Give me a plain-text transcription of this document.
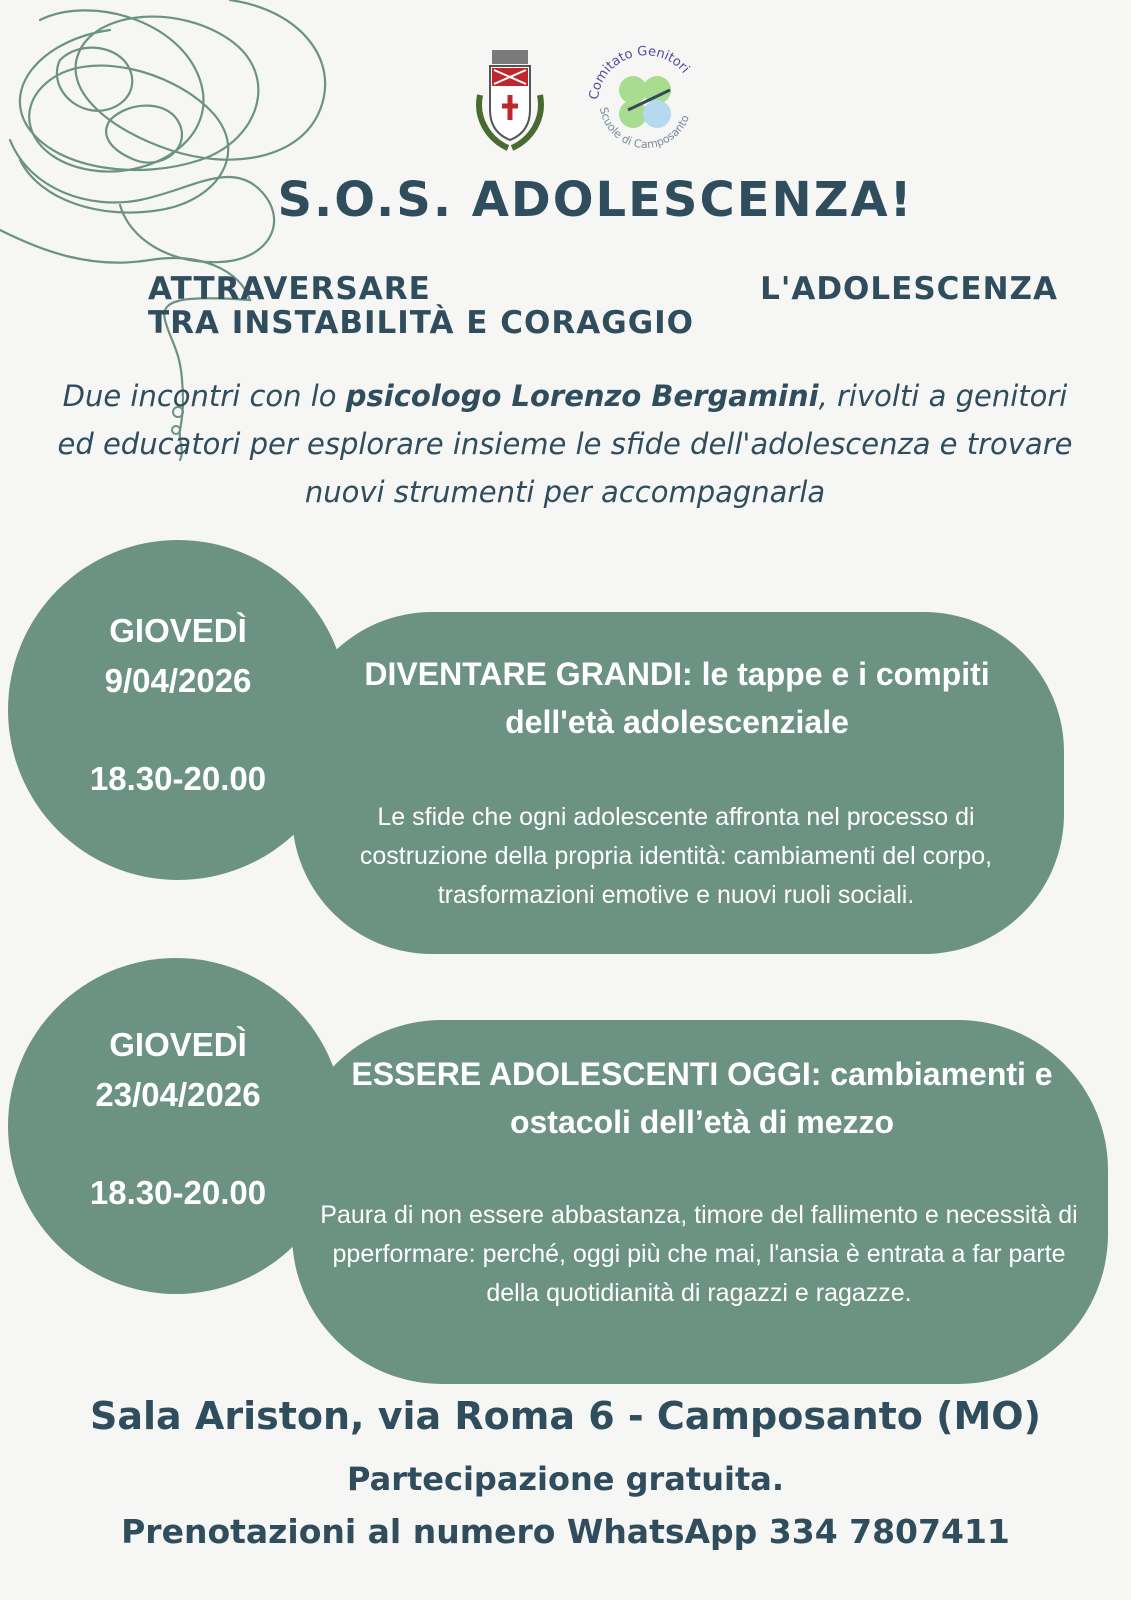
Comitato Genitori
Scuole di Camposanto
S.O.S. ADOLESCENZA!
ATTRAVERSARE	L'ADOLESCENZA
TRA INSTABILITÀ E CORAGGIO
Due incontri con lo psicologo Lorenzo Bergamini, rivolti a genitori ed educatori per esplorare insieme le sfide dell'adolescenza e trovare nuovi strumenti per accompagnarla
GIOVEDÌ
9/04/2026
18.30-20.00
DIVENTARE GRANDI: le tappe e i compiti dell'età adolescenziale
Le sfide che ogni adolescente affronta nel processo di costruzione della propria identità: cambiamenti del corpo, trasformazioni emotive e nuovi ruoli sociali.
GIOVEDÌ
23/04/2026
18.30-20.00
ESSERE ADOLESCENTI OGGI: cambiamenti e ostacoli dell’età di mezzo
Paura di non essere abbastanza, timore del fallimento e necessità di pperformare: perché, oggi più che mai, l'ansia è entrata a far parte della quotidianità di ragazzi e ragazze.
Sala Ariston, via Roma 6 - Camposanto (MO)
Partecipazione gratuita.
Prenotazioni al numero WhatsApp 334 7807411
